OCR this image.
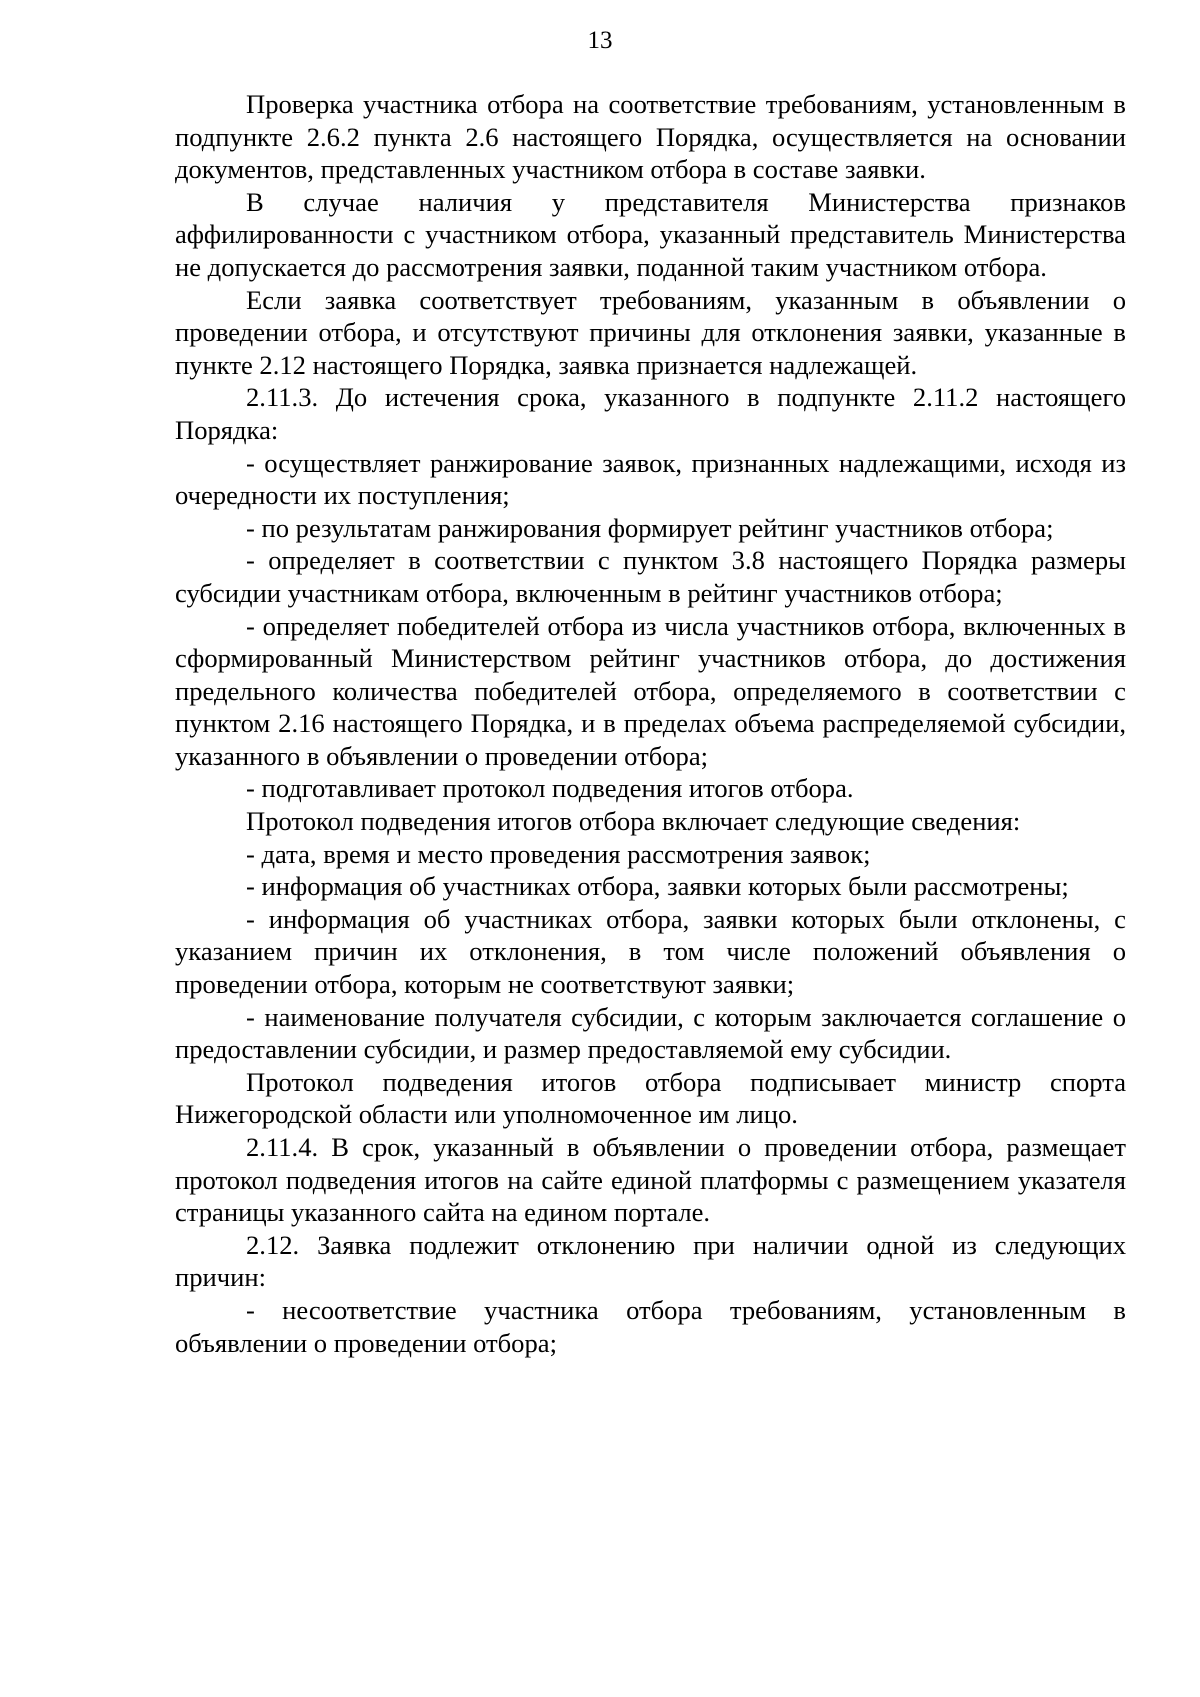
13

Проверка участника отбора на соответствие требованиям, установленным в подпункте 2.6.2 пункта 2.6 настоящего Порядка, осуществляется на основании документов, представленных участником отбора в составе заявки.

В случае наличия у представителя Министерства признаков аффилированности с участником отбора, указанный представитель Министерства не допускается до рассмотрения заявки, поданной таким участником отбора.

Если заявка соответствует требованиям, указанным в объявлении о проведении отбора, и отсутствуют причины для отклонения заявки, указанные в пункте 2.12 настоящего Порядка, заявка признается надлежащей.

2.11.3. До истечения срока, указанного в подпункте 2.11.2 настоящего Порядка:

- осуществляет ранжирование заявок, признанных надлежащими, исходя из очередности их поступления;

- по результатам ранжирования формирует рейтинг участников отбора;

- определяет в соответствии с пунктом 3.8 настоящего Порядка размеры субсидии участникам отбора, включенным в рейтинг участников отбора;

- определяет победителей отбора из числа участников отбора, включенных в сформированный Министерством рейтинг участников отбора, до достижения предельного количества победителей отбора, определяемого в соответствии с пунктом 2.16 настоящего Порядка, и в пределах объема распределяемой субсидии, указанного в объявлении о проведении отбора;

- подготавливает протокол подведения итогов отбора.

Протокол подведения итогов отбора включает следующие сведения:

- дата, время и место проведения рассмотрения заявок;

- информация об участниках отбора, заявки которых были рассмотрены;

- информация об участниках отбора, заявки которых были отклонены, с указанием причин их отклонения, в том числе положений объявления о проведении отбора, которым не соответствуют заявки;

- наименование получателя субсидии, с которым заключается соглашение о предоставлении субсидии, и размер предоставляемой ему субсидии.

Протокол подведения итогов отбора подписывает министр спорта Нижегородской области или уполномоченное им лицо.

2.11.4. В срок, указанный в объявлении о проведении отбора, размещает протокол подведения итогов на сайте единой платформы с размещением указателя страницы указанного сайта на едином портале.

2.12. Заявка подлежит отклонению при наличии одной из следующих причин:

- несоответствие участника отбора требованиям, установленным в объявлении о проведении отбора;
